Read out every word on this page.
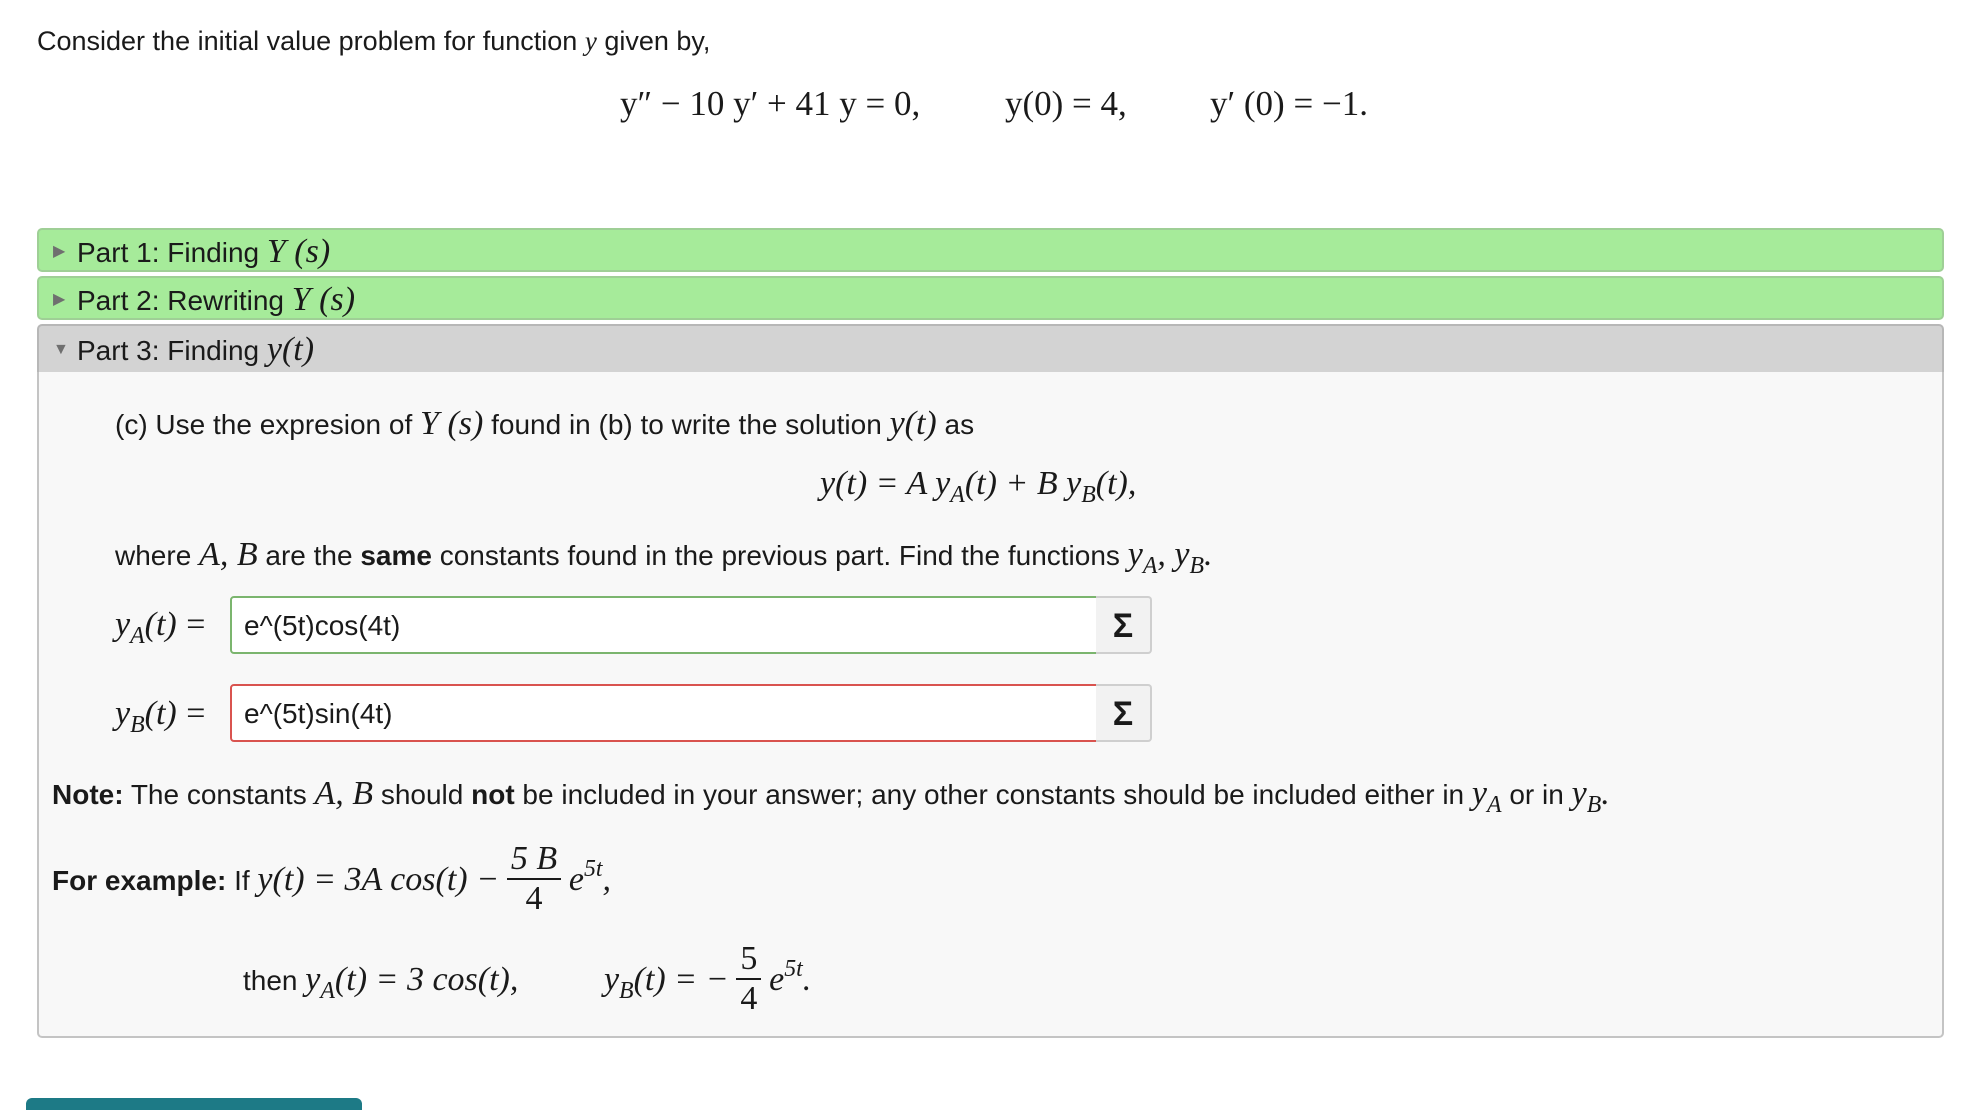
Consider the initial value problem for function y given by,
y″ − 10 y′ + 41 y = 0, y(0) = 4, y′ (0) = −1.
▶ Part 1: Finding Y (s)
▶ Part 2: Rewriting Y (s)
▼ Part 3: Finding y(t)
(c) Use the expresion of Y (s) found in (b) to write the solution y(t) as
y(t) = A $y_A(t) + B$ $y_B(t)$,
where A, B are the same constants found in the previous part. Find the functions $y_A$, $y_B$.
$y_A(t)$ =	e^(5t)cos(4t)	Σ
$y_B(t)$ =	e^(5t)sin(4t)	Σ
Note: The constants A, B should not be included in your answer; any other constants should be included either in $y_A$ or in $y_B$.
For example: If y(t) = 3A $\cos(t) - \frac{5 B}{4} e^{5t}$,
then $y_A(t) = 3$ cos(t),	$y_B(t)$ = − $\frac{5}{4} e^{5t}$.
